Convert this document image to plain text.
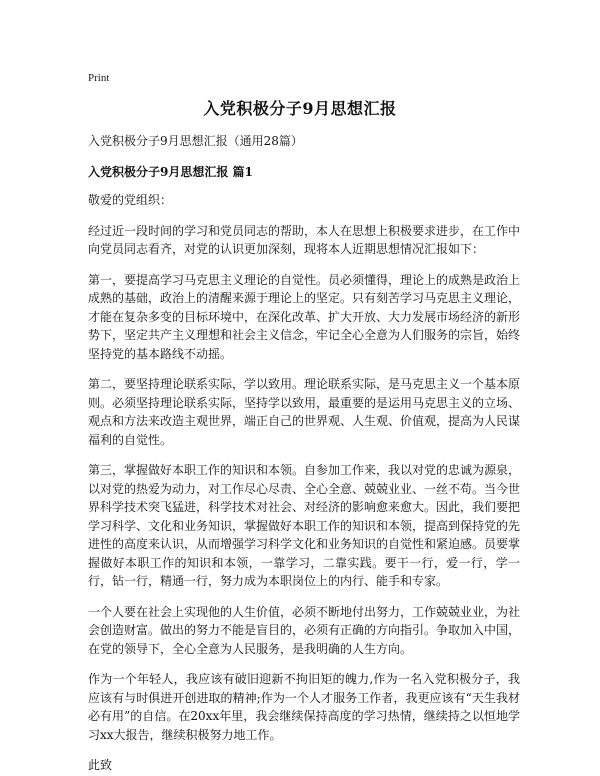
Print
入党积极分子9月思想汇报
入党积极分子9月思想汇报（通用28篇）
入党积极分子9月思想汇报 篇1
敬爱的党组织：

经过近一段时间的学习和党员同志的帮助，本人在思想上积极要求进步，在工作中向党员同志看齐，对党的认识更加深刻，现将本人近期思想情况汇报如下：

第一，要提高学习马克思主义理论的自觉性。员必须懂得，理论上的成熟是政治上成熟的基础，政治上的清醒来源于理论上的坚定。只有刻苦学习马克思主义理论，才能在复杂多变的目标环境中，在深化改革、扩大开放、大力发展市场经济的新形势下，坚定共产主义理想和社会主义信念，牢记全心全意为人们服务的宗旨，始终坚持党的基本路线不动摇。

第二，要坚持理论联系实际，学以致用。理论联系实际，是马克思主义一个基本原则。必须坚持理论联系实际，坚持学以致用，最重要的是运用马克思主义的立场、观点和方法来改造主观世界，端正自己的世界观、人生观、价值观，提高为人民谋福利的自觉性。

第三，掌握做好本职工作的知识和本领。自参加工作来，我以对党的忠诚为源泉，以对党的热爱为动力，对工作尽心尽责、全心全意、兢兢业业、一丝不苟。当今世界科学技术突飞猛进，科学技术对社会、对经济的影响愈来愈大。因此，我们要把学习科学、文化和业务知识，掌握做好本职工作的知识和本领，提高到保持党的先进性的高度来认识，从而增强学习科学文化和业务知识的自觉性和紧迫感。员要掌握做好本职工作的知识和本领，一靠学习，二靠实践。要干一行，爱一行，学一行，钻一行，精通一行，努力成为本职岗位上的内行、能手和专家。

一个人要在社会上实现他的人生价值，必须不断地付出努力，工作兢兢业业，为社会创造财富。做出的努力不能是盲目的，必须有正确的方向指引。争取加入中国，在党的领导下，全心全意为人民服务，是我明确的人生方向。

作为一个年轻人，我应该有破旧迎新不拘旧矩的魄力,作为一名入党积极分子，我应该有与时俱进开创进取的精神;作为一个人才服务工作者，我更应该有“天生我材必有用”的自信。在20xx年里，我会继续保持高度的学习热情，继续持之以恒地学习xx大报告，继续积极努力地工作。

此致
